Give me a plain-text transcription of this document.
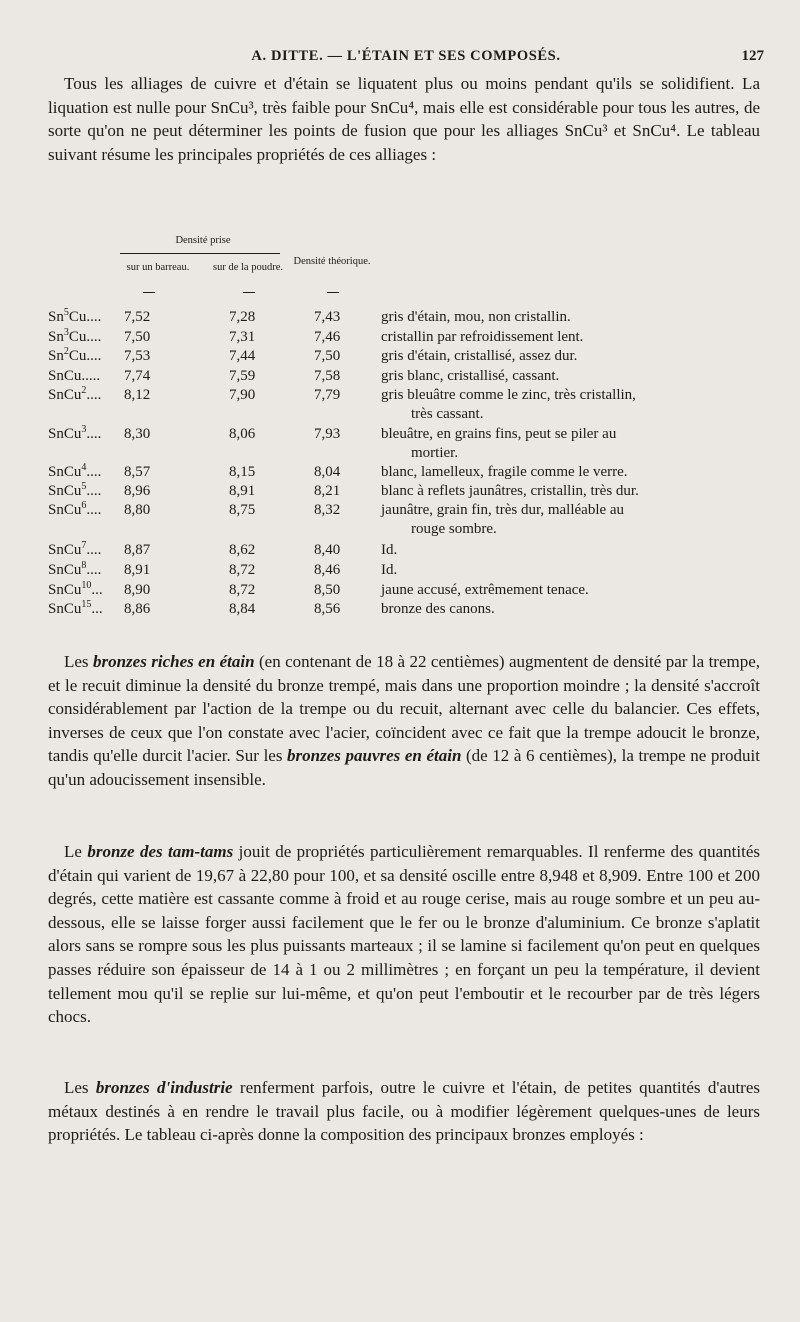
A. DITTE. — L'ÉTAIN ET SES COMPOSÉS.	127

Tous les alliages de cuivre et d'étain se liquatent plus ou moins pendant qu'ils se solidifient. La liquation est nulle pour SnCu³, très faible pour SnCu⁴, mais elle est considérable pour tous les autres, de sorte qu'on ne peut déterminer les points de fusion que pour les alliages SnCu³ et SnCu⁴. Le tableau suivant résume les principales propriétés de ces alliages :

Densité prise
sur un barreau.	sur de la poudre.
Densité théorique.
Sn$^5$Cu.... 7,52	7,28	7,43	gris d'étain, mou, non cristallin.
Sn$^3$Cu.... 7,50	7,31	7,46	cristallin par refroidissement lent.
Sn$^2$Cu.... 7,53	7,44	7,50	gris d'étain, cristallisé, assez dur.
SnCu..... 7,74	7,59	7,58	gris blanc, cristallisé, cassant.
SnCu$^2$.... 8,12	7,90	7,79	gris bleuâtre comme le zinc, très cristallin,
très cassant.
SnCu$^3$.... 8,30	8,06	7,93	bleuâtre, en grains fins, peut se piler au
mortier.
SnCu$^4$.... 8,57	8,15	8,04	blanc, lamelleux, fragile comme le verre.
SnCu$^5$.... 8,96	8,91	8,21	blanc à reflets jaunâtres, cristallin, très dur.
SnCu$^6$.... 8,80	8,75	8,32	jaunâtre, grain fin, très dur, malléable au
rouge sombre.
SnCu$^7$.... 8,87	8,62	8,40	Id.
SnCu$^8$.... 8,91	8,72	8,46	Id.
SnCu$^{10}$... 8,90	8,72	8,50	jaune accusé, extrêmement tenace.
SnCu$^{15}$... 8,86	8,84	8,56	bronze des canons.

Les bronzes riches en étain (en contenant de 18 à 22 centièmes) augmentent de densité par la trempe, et le recuit diminue la densité du bronze trempé, mais dans une proportion moindre ; la densité s'accroît considérablement par l'action de la trempe ou du recuit, alternant avec celle du balancier. Ces effets, inverses de ceux que l'on constate avec l'acier, coïncident avec ce fait que la trempe adoucit le bronze, tandis qu'elle durcit l'acier. Sur les bronzes pauvres en étain (de 12 à 6 centièmes), la trempe ne produit qu'un adoucissement insensible.

Le bronze des tam-tams jouit de propriétés particulièrement remarquables. Il renferme des quantités d'étain qui varient de 19,67 à 22,80 pour 100, et sa densité oscille entre 8,948 et 8,909. Entre 100 et 200 degrés, cette matière est cassante comme à froid et au rouge cerise, mais au rouge sombre et un peu au-dessous, elle se laisse forger aussi facilement que le fer ou le bronze d'aluminium. Ce bronze s'aplatit alors sans se rompre sous les plus puissants marteaux ; il se lamine si facilement qu'on peut en quelques passes réduire son épaisseur de 14 à 1 ou 2 millimètres ; en forçant un peu la température, il devient tellement mou qu'il se replie sur lui-même, et qu'on peut l'emboutir et le recourber par de très légers chocs.

Les bronzes d'industrie renferment parfois, outre le cuivre et l'étain, de petites quantités d'autres métaux destinés à en rendre le travail plus facile, ou à modifier légèrement quelques-unes de leurs propriétés. Le tableau ci-après donne la composition des principaux bronzes employés :
